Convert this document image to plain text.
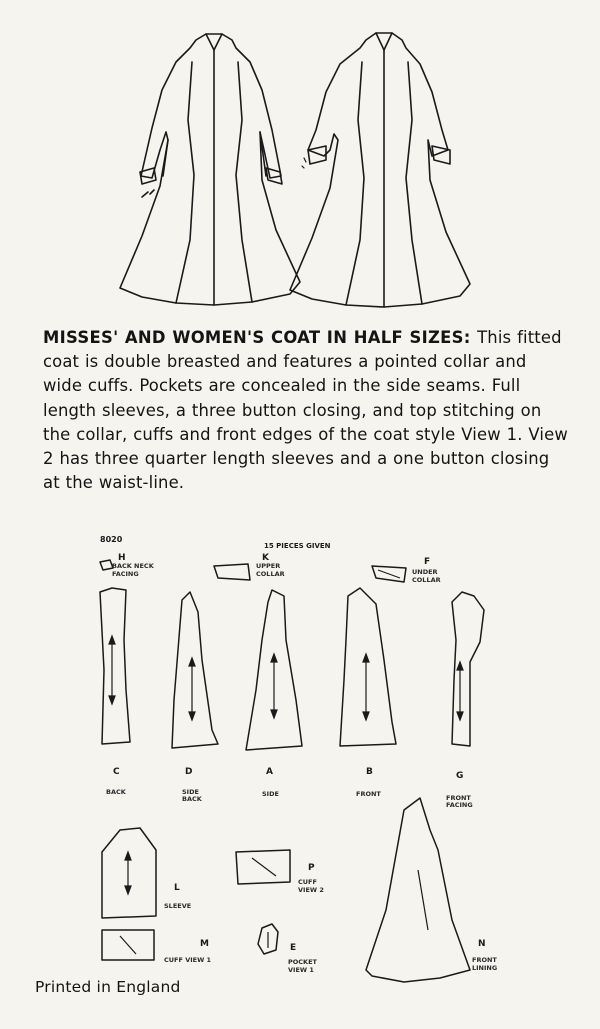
MISSES' AND WOMEN'S COAT IN HALF SIZES: This fitted coat is double breasted and features a pointed collar and wide cuffs. Pockets are concealed in the side seams. Full length sleeves, a three button closing, and top stitching on the collar, cuffs and front edges of the coat style View 1. View 2 has three quarter length sleeves and a one button closing at the waist-line.
8020
15 PIECES GIVEN
H
BACK NECK
FACING
K
UPPER
COLLAR
F
UNDER
COLLAR
C
BACK
D
SIDE
BACK
A
SIDE
B
FRONT
G
FRONT
FACING
L
SLEEVE
P
CUFF
VIEW 2
M
CUFF VIEW 1
E
POCKET
VIEW 1
N
FRONT
LINING
Printed in England
